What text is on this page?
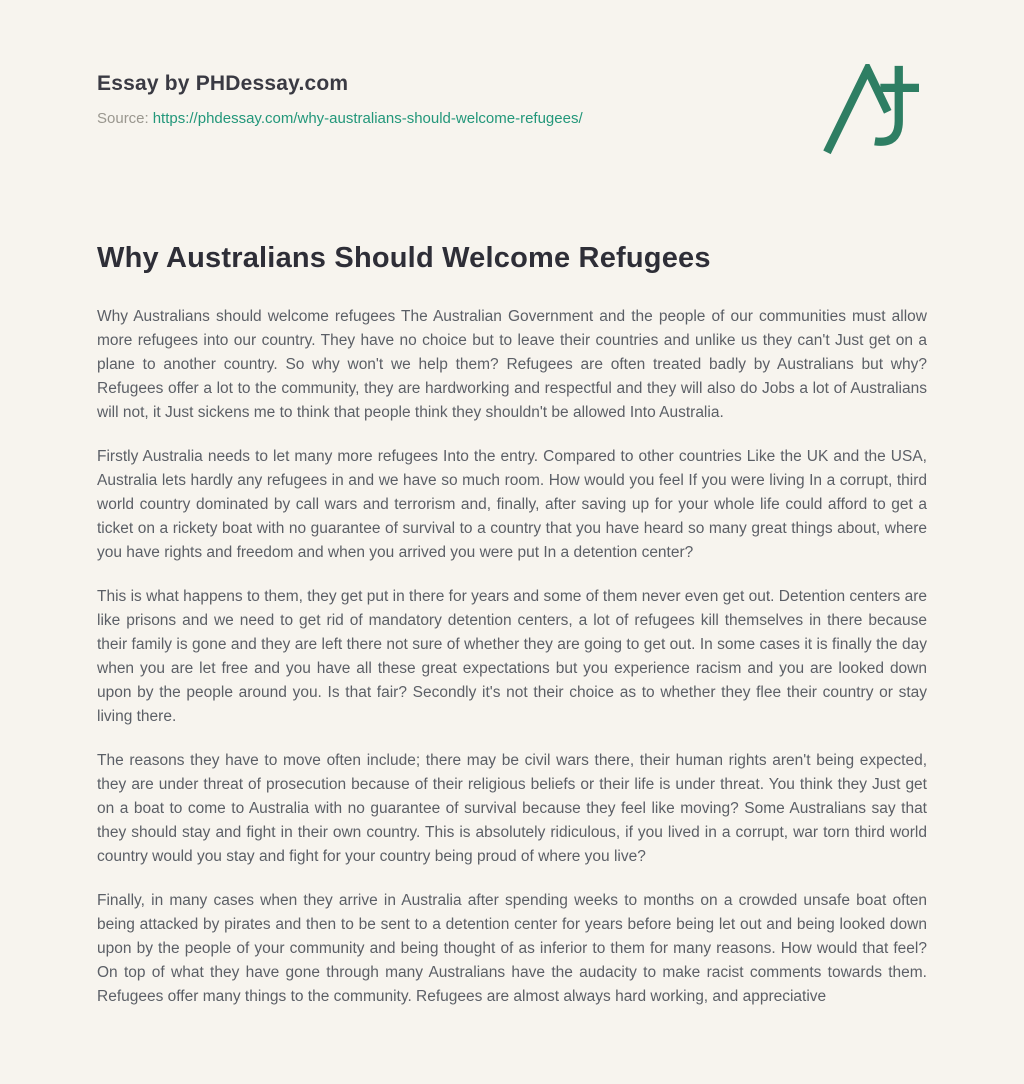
Essay by PHDessay.com
Source: https://phdessay.com/why-australians-should-welcome-refugees/
Why Australians Should Welcome Refugees

Why Australians should welcome refugees The Australian Government and the people of our communities must allow more refugees into our country. They have no choice but to leave their countries and unlike us they can't Just get on a plane to another country. So why won't we help them? Refugees are often treated badly by Australians but why? Refugees offer a lot to the community, they are hardworking and respectful and they will also do Jobs a lot of Australians will not, it Just sickens me to think that people think they shouldn't be allowed Into Australia.

Firstly Australia needs to let many more refugees Into the entry. Compared to other countries Like the UK and the USA, Australia lets hardly any refugees in and we have so much room. How would you feel If you were living In a corrupt, third world country dominated by call wars and terrorism and, finally, after saving up for your whole life could afford to get a ticket on a rickety boat with no guarantee of survival to a country that you have heard so many great things about, where you have rights and freedom and when you arrived you were put In a detention center?

This is what happens to them, they get put in there for years and some of them never even get out. Detention centers are like prisons and we need to get rid of mandatory detention centers, a lot of refugees kill themselves in there because their family is gone and they are left there not sure of whether they are going to get out. In some cases it is finally the day when you are let free and you have all these great expectations but you experience racism and you are looked down upon by the people around you. Is that fair? Secondly it's not their choice as to whether they flee their country or stay living there.

The reasons they have to move often include; there may be civil wars there, their human rights aren't being expected, they are under threat of prosecution because of their religious beliefs or their life is under threat. You think they Just get on a boat to come to Australia with no guarantee of survival because they feel like moving? Some Australians say that they should stay and fight in their own country. This is absolutely ridiculous, if you lived in a corrupt, war torn third world country would you stay and fight for your country being proud of where you live?

Finally, in many cases when they arrive in Australia after spending weeks to months on a crowded unsafe boat often being attacked by pirates and then to be sent to a detention center for years before being let out and being looked down upon by the people of your community and being thought of as inferior to them for many reasons. How would that feel? On top of what they have gone through many Australians have the audacity to make racist comments towards them. Refugees offer many things to the community. Refugees are almost always hard working, and appreciative
